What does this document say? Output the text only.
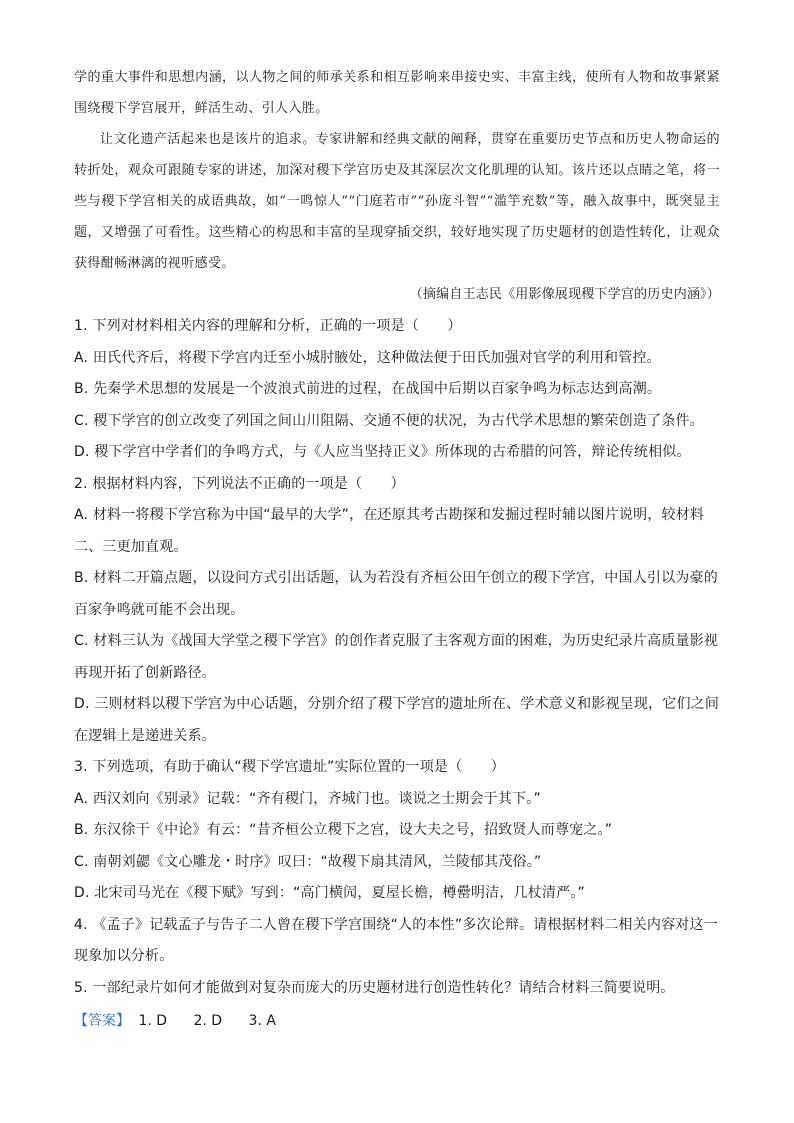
学的重大事件和思想内涵，以人物之间的师承关系和相互影响来串接史实、丰富主线，使所有人物和故事紧紧围绕稷下学宫展开，鲜活生动、引人入胜。

让文化遗产活起来也是该片的追求。专家讲解和经典文献的阐释，贯穿在重要历史节点和历史人物命运的转折处，观众可跟随专家的讲述，加深对稷下学宫历史及其深层次文化肌理的认知。该片还以点睛之笔，将一些与稷下学宫相关的成语典故，如“一鸣惊人”“门庭若市”“孙庞斗智”“滥竽充数”等，融入故事中，既突显主题，又增强了可看性。这些精心的构思和丰富的呈现穿插交织，较好地实现了历史题材的创造性转化，让观众获得酣畅淋漓的视听感受。

（摘编自王志民《用影像展现稷下学宫的历史内涵》）

1. 下列对材料相关内容的理解和分析，正确的一项是（　　）

A. 田氏代齐后，将稷下学宫内迁至小城肘腋处，这种做法便于田氏加强对官学的利用和管控。

B. 先秦学术思想的发展是一个波浪式前进的过程，在战国中后期以百家争鸣为标志达到高潮。

C. 稷下学宫的创立改变了列国之间山川阻隔、交通不便的状况，为古代学术思想的繁荣创造了条件。

D. 稷下学宫中学者们的争鸣方式，与《人应当坚持正义》所体现的古希腊的问答，辩论传统相似。

2. 根据材料内容，下列说法不正确的一项是（　　）

A. 材料一将稷下学宫称为中国“最早的大学”，在还原其考古勘探和发掘过程时辅以图片说明，较材料

二、三更加直观。

B. 材料二开篇点题，以设问方式引出话题，认为若没有齐桓公田午创立的稷下学宫，中国人引以为豪的

百家争鸣就可能不会出现。

C. 材料三认为《战国大学堂之稷下学宫》的创作者克服了主客观方面的困难，为历史纪录片高质量影视

再现开拓了创新路径。

D. 三则材料以稷下学宫为中心话题，分别介绍了稷下学宫的遗址所在、学术意义和影视呈现，它们之间

在逻辑上是递进关系。

3. 下列选项，有助于确认“稷下学宫遗址”实际位置的一项是（　　）

A. 西汉刘向《别录》记载：“齐有稷门，齐城门也。谈说之士期会于其下。”

B. 东汉徐干《中论》有云：“昔齐桓公立稷下之宫，设大夫之号，招致贤人而尊宠之。”

C. 南朝刘勰《文心雕龙・时序》叹曰：“故稷下扇其清风，兰陵郁其茂俗。”

D. 北宋司马光在《稷下赋》写到：“高门横闶，夏屋长檐，樽罍明洁，几杖清严。”

4. 《孟子》记载孟子与告子二人曾在稷下学宫围绕“人的本性”多次论辩。请根据材料二相关内容对这一

现象加以分析。

5. 一部纪录片如何才能做到对复杂而庞大的历史题材进行创造性转化？请结合材料三简要说明。

【答案】 1. D 2. D 3. A
